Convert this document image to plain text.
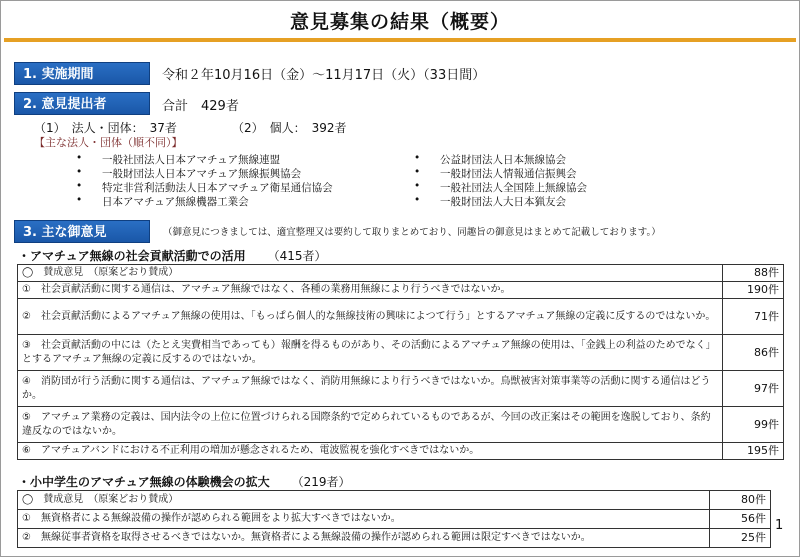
意見募集の結果（概要）
1. 実施期間	令和２年10月16日（金）～11月17日（火）（33日間）
2. 意見提出者	合計　429者
（1）　法人・団体：　37者	（2）　個人：　392者
【主な法人・団体（順不同）】
• 一般社団法人日本アマチュア無線連盟
• 一般財団法人日本アマチュア無線振興協会
• 特定非営利活動法人日本アマチュア衛星通信協会
• 日本アマチュア無線機器工業会
• 公益財団法人日本無線協会
• 一般財団法人情報通信振興会
• 一般社団法人全国陸上無線協会
• 一般財団法人大日本猟友会
3. 主な御意見	（御意見につきましては、適宜整理又は要約して取りまとめており、同趣旨の御意見はまとめて記載しております。）
・アマチュア無線の社会貢献活動での活用 （415者）
◯　賛成意見　（原案どおり賛成）	88件
①　社会貢献活動に関する通信は、アマチュア無線ではなく、各種の業務用無線により行うべきではないか。	190件
②　社会貢献活動によるアマチュア無線の使用は、「もっぱら個人的な無線技術の興味によつて行う」とするアマチュア無線の定義に反するのではないか。	71件
③　社会貢献活動の中には（たとえ実費相当であっても）報酬を得るものがあり、その活動によるアマチュア無線の使用は、「金銭上の利益のためでなく」とするアマチュア無線の定義に反するのではないか。	86件
④　消防団が行う活動に関する通信は、アマチュア無線ではなく、消防用無線により行うべきではないか。鳥獣被害対策事業等の活動に関する通信はどうか。	97件
⑤　アマチュア業務の定義は、国内法令の上位に位置づけられる国際条約で定められているものであるが、今回の改正案はその範囲を逸脱しており、条約違反なのではないか。	99件
⑥　アマチュアバンドにおける不正利用の増加が懸念されるため、電波監視を強化すべきではないか。	195件
・小中学生のアマチュア無線の体験機会の拡大 （219者）
◯　賛成意見　（原案どおり賛成）	80件
①　無資格者による無線設備の操作が認められる範囲をより拡大すべきではないか。	56件
②　無線従事者資格を取得させるべきではないか。無資格者による無線設備の操作が認められる範囲は限定すべきではないか。	25件
1
